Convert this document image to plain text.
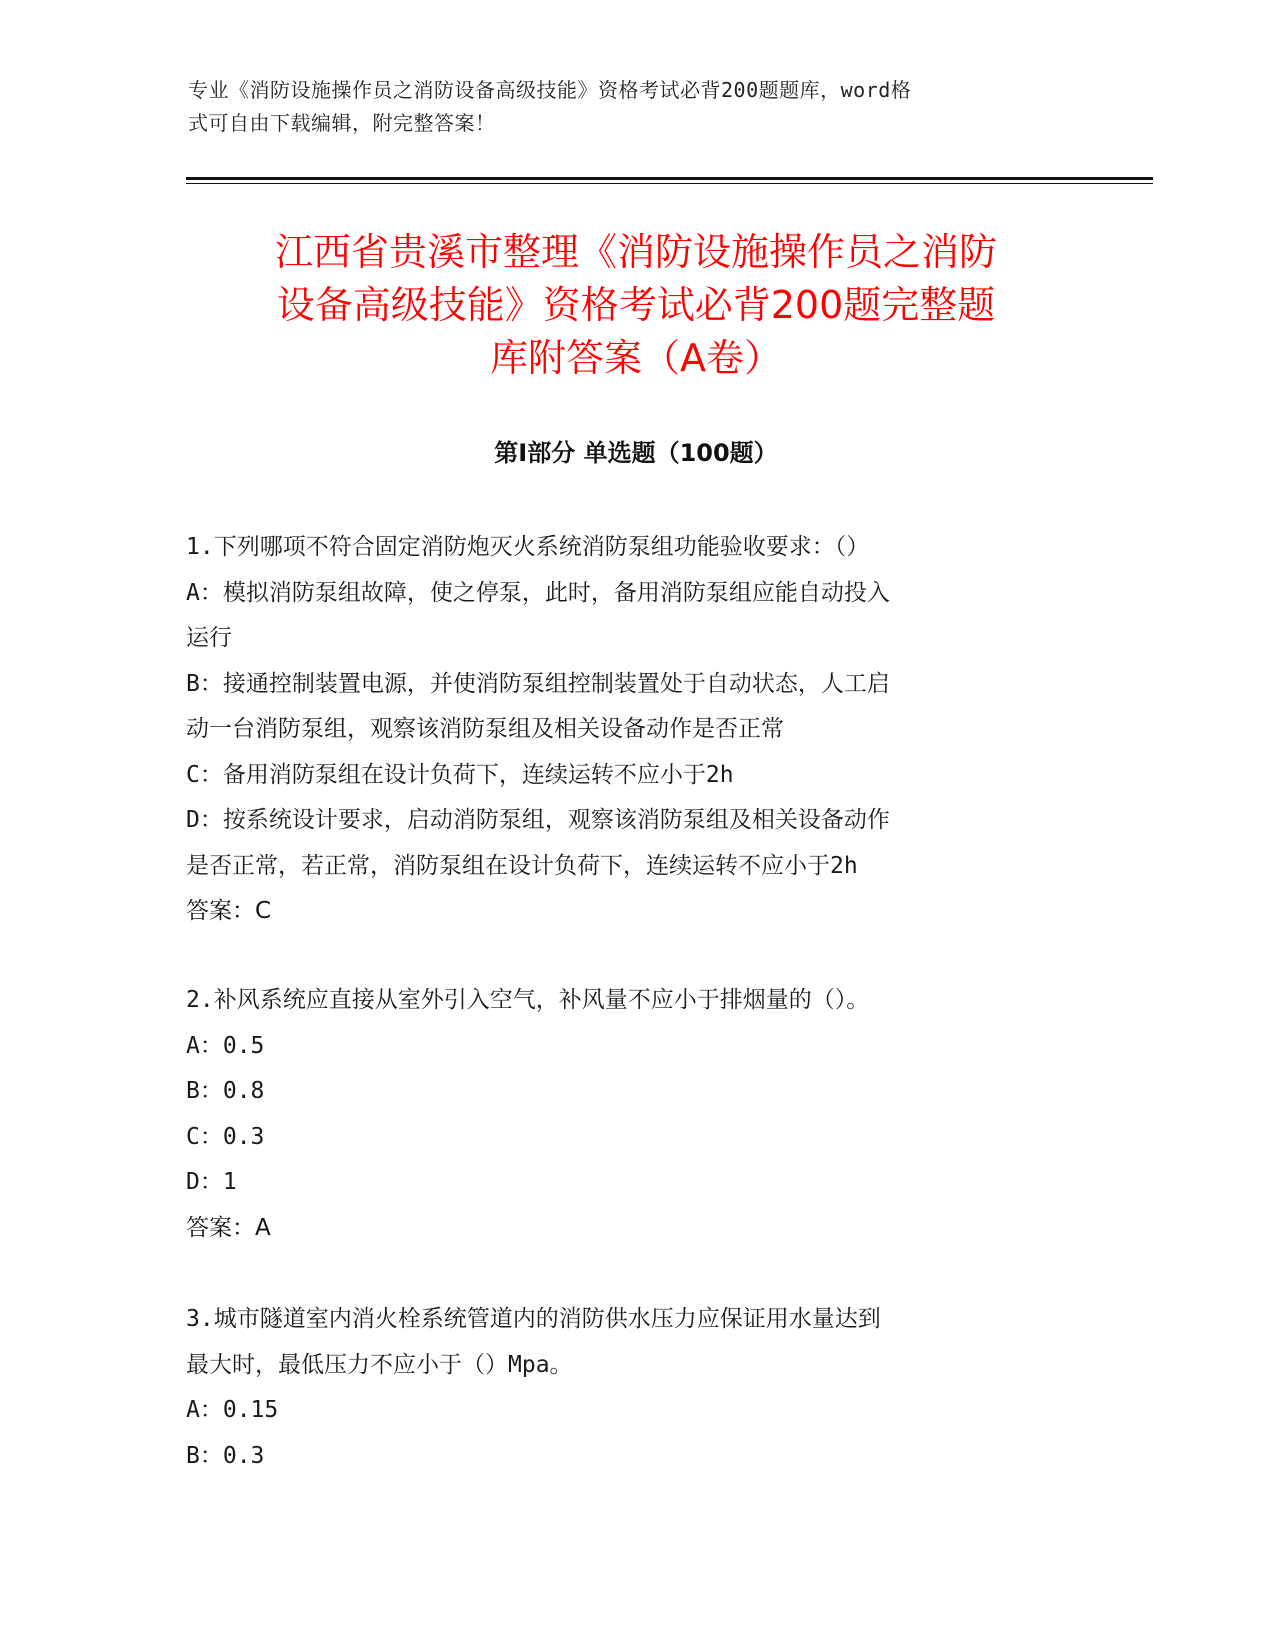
专业《消防设施操作员之消防设备高级技能》资格考试必背200题题库，word格
式可自由下载编辑，附完整答案！
江西省贵溪市整理《消防设施操作员之消防
设备高级技能》资格考试必背200题完整题
库附答案（A卷）
第Ⅰ部分 单选题（100题）
1.下列哪项不符合固定消防炮灭火系统消防泵组功能验收要求：（）
A：模拟消防泵组故障，使之停泵，此时，备用消防泵组应能自动投入
运行
B：接通控制装置电源，并使消防泵组控制装置处于自动状态，人工启
动一台消防泵组，观察该消防泵组及相关设备动作是否正常
C：备用消防泵组在设计负荷下，连续运转不应小于2h
D：按系统设计要求，启动消防泵组，观察该消防泵组及相关设备动作
是否正常，若正常，消防泵组在设计负荷下，连续运转不应小于2h
答案：C
2.补风系统应直接从室外引入空气，补风量不应小于排烟量的（）。
A：0.5
B：0.8
C：0.3
D：1
答案：A
3.城市隧道室内消火栓系统管道内的消防供水压力应保证用水量达到
最大时，最低压力不应小于（）Mpa。
A：0.15
B：0.3
